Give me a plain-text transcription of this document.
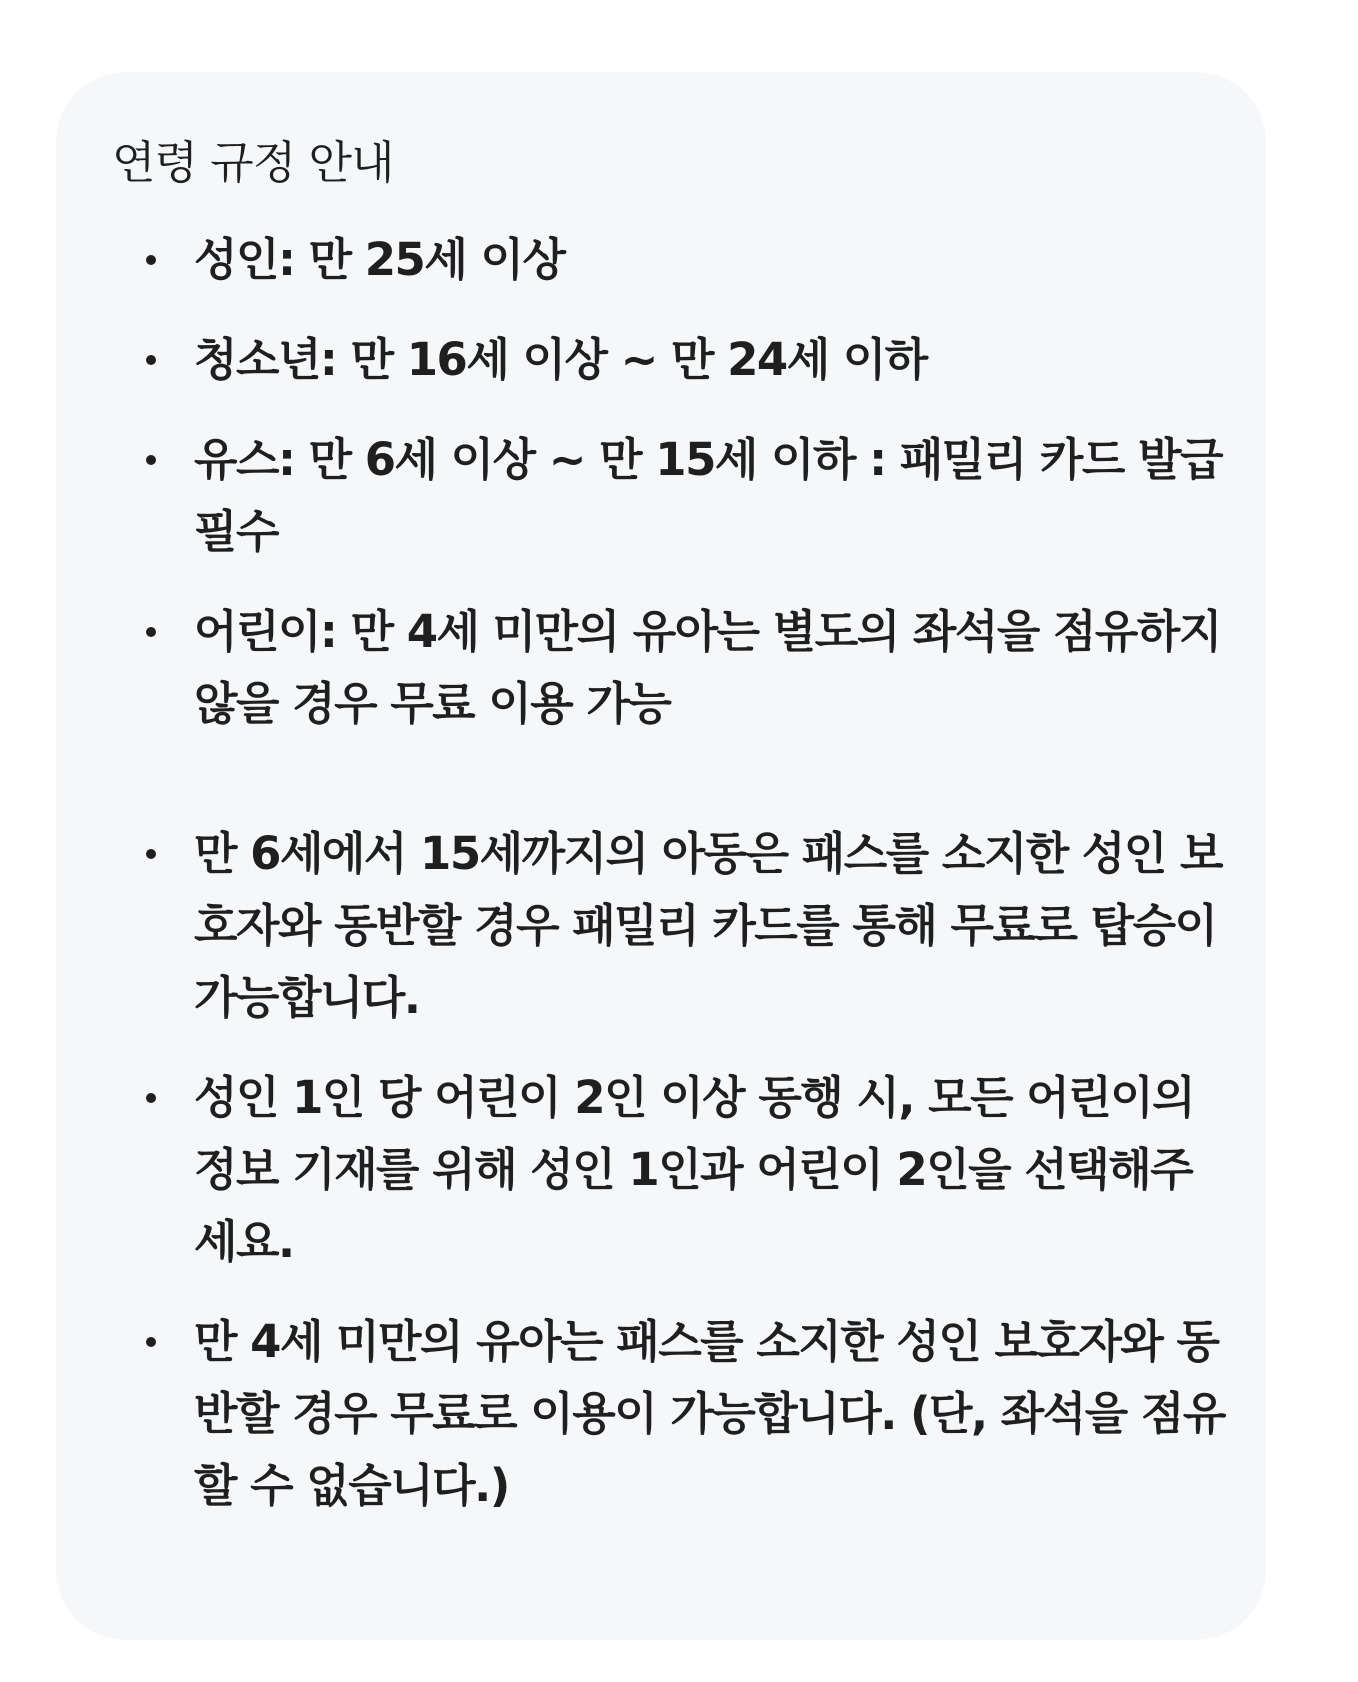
연령 규정 안내
성인: 만 25세 이상
청소년: 만 16세 이상 ~ 만 24세 이하
유스: 만 6세 이상 ~ 만 15세 이하 : 패밀리 카드 발급 필수
어린이: 만 4세 미만의 유아는 별도의 좌석을 점유하지 않을 경우 무료 이용 가능
만 6세에서 15세까지의 아동은 패스를 소지한 성인 보호자와 동반할 경우 패밀리 카드를 통해 무료로 탑승이 가능합니다.
성인 1인 당 어린이 2인 이상 동행 시, 모든 어린이의 정보 기재를 위해 성인 1인과 어린이 2인을 선택해주세요.
만 4세 미만의 유아는 패스를 소지한 성인 보호자와 동반할 경우 무료로 이용이 가능합니다. (단, 좌석을 점유할 수 없습니다.)
